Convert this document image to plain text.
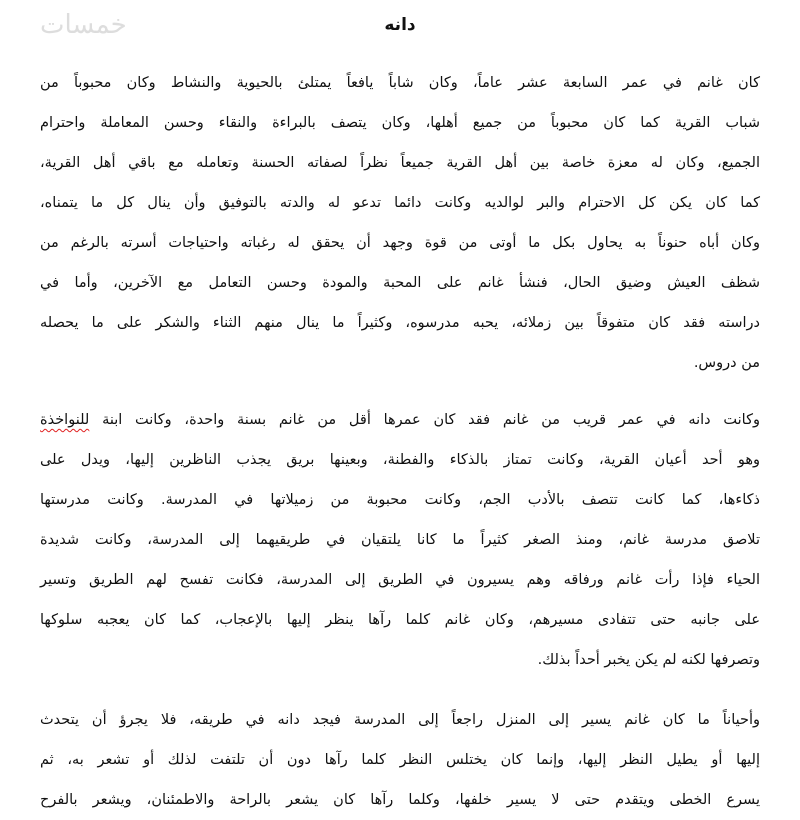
دانه
كان غانم في عمر السابعة عشر عاماً، وكان شاباً يافعاً يمتلئ بالحيوية والنشاط وكان محبوباً من
شباب القرية كما كان محبوباً من جميع أهلها، وكان يتصف بالبراءة والنقاء وحسن المعاملة واحترام
الجميع، وكان له معزة خاصة بين أهل القرية جميعاً نظراً لصفاته الحسنة وتعامله مع باقي أهل القرية،
كما كان يكن كل الاحترام والبر لوالديه وكانت دائما تدعو له والدته بالتوفيق وأن ينال كل ما يتمناه،
وكان أباه حنوناً به يحاول بكل ما أوتى من قوة وجهد أن يحقق له رغباته واحتياجات أسرته بالرغم من
شظف العيش وضيق الحال، فنشأ غانم على المحبة والمودة وحسن التعامل مع الآخرين، وأما في
دراسته فقد كان متفوقاً بين زملائه، يحبه مدرسوه، وكثيراً ما ينال منهم الثناء والشكر على ما يحصله
من دروس.
وكانت دانه في عمر قريب من غانم فقد كان عمرها أقل من غانم بسنة واحدة، وكانت ابنة للنواخذة
وهو أحد أعيان القرية، وكانت تمتاز بالذكاء والفطنة، وبعينها بريق يجذب الناظرين إليها، ويدل على
ذكاءها، كما كانت تتصف بالأدب الجم، وكانت محبوبة من زميلاتها في المدرسة. وكانت مدرستها
تلاصق مدرسة غانم، ومنذ الصغر كثيراً ما كانا يلتقيان في طريقيهما إلى المدرسة، وكانت شديدة
الحياء فإذا رأت غانم ورفاقه وهم يسيرون في الطريق إلى المدرسة، فكانت تفسح لهم الطريق وتسير
على جانبه حتى تتفادى مسيرهم، وكان غانم كلما رآها ينظر إليها بالإعجاب، كما كان يعجبه سلوكها
وتصرفها لكنه لم يكن يخبر أحداً بذلك.
وأحياناً ما كان غانم يسير إلى المنزل راجعاً إلى المدرسة فيجد دانه في طريقه، فلا يجرؤ أن يتحدث
إليها أو يطيل النظر إليها، وإنما كان يختلس النظر كلما رآها دون أن تلتفت لذلك أو تشعر به، ثم
يسرع الخطى ويتقدم حتى لا يسير خلفها، وكلما رآها كان يشعر بالراحة والاطمئنان، ويشعر بالفرح
خمسات
